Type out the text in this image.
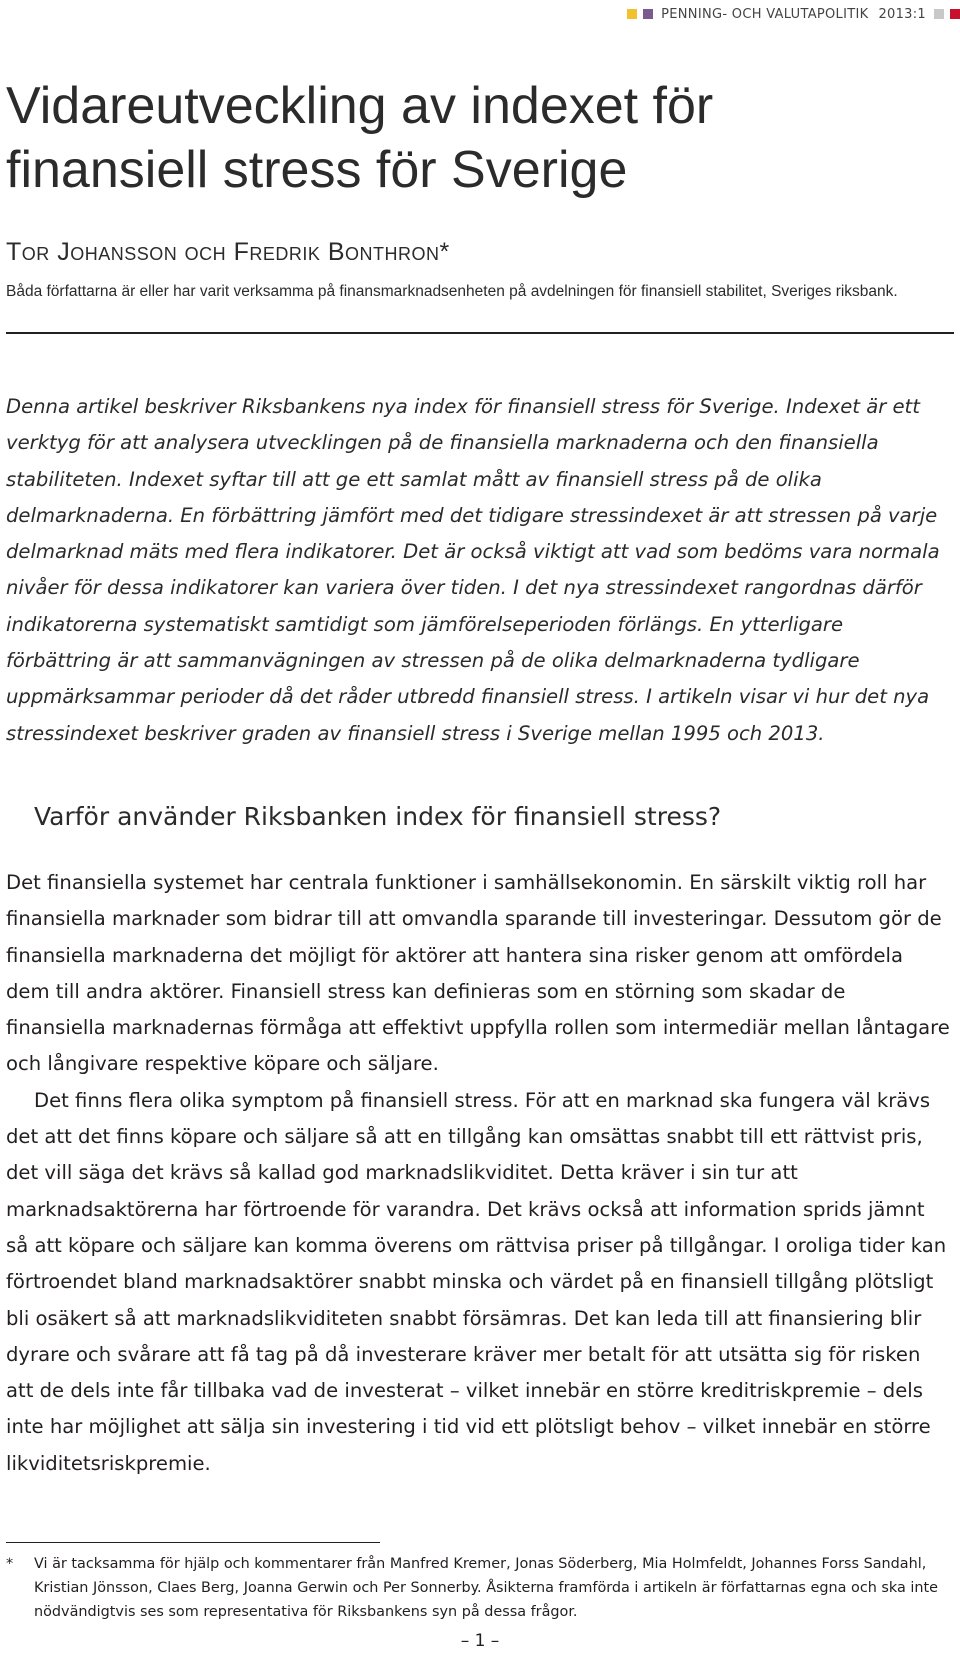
PENNING- OCH VALUTAPOLITIK 2013:1
Vidareutveckling av indexet för
finansiell stress för Sverige
Tor Johansson och Fredrik Bonthron*
Båda författarna är eller har varit verksamma på finansmarknadsenheten på avdelningen för finansiell stabilitet, Sveriges riksbank.

Denna artikel beskriver Riksbankens nya index för finansiell stress för Sverige. Indexet är ett verktyg för att analysera utvecklingen på de finansiella marknaderna och den finansiella stabiliteten. Indexet syftar till att ge ett samlat mått av finansiell stress på de olika delmarknaderna. En förbättring jämfört med det tidigare stressindexet är att stressen på varje delmarknad mäts med flera indikatorer. Det är också viktigt att vad som bedöms vara normala nivåer för dessa indikatorer kan variera över tiden. I det nya stressindexet rangordnas därför indikatorerna systematiskt samtidigt som jämförelseperioden förlängs. En ytterligare förbättring är att sammanvägningen av stressen på de olika delmarknaderna tydligare uppmärksammar perioder då det råder utbredd finansiell stress. I artikeln visar vi hur det nya stressindexet beskriver graden av finansiell stress i Sverige mellan 1995 och 2013.

Varför använder Riksbanken index för finansiell stress?

Det finansiella systemet har centrala funktioner i samhällsekonomin. En särskilt viktig roll har finansiella marknader som bidrar till att omvandla sparande till investeringar. Dessutom gör de finansiella marknaderna det möjligt för aktörer att hantera sina risker genom att omfördela dem till andra aktörer. Finansiell stress kan definieras som en störning som skadar de finansiella marknadernas förmåga att effektivt uppfylla rollen som intermediär mellan låntagare och långivare respektive köpare och säljare.

Det finns flera olika symptom på finansiell stress. För att en marknad ska fungera väl krävs det att det finns köpare och säljare så att en tillgång kan omsättas snabbt till ett rättvist pris, det vill säga det krävs så kallad god marknadslikviditet. Detta kräver i sin tur att marknadsaktörerna har förtroende för varandra. Det krävs också att information sprids jämnt så att köpare och säljare kan komma överens om rättvisa priser på tillgångar. I oroliga tider kan förtroendet bland marknadsaktörer snabbt minska och värdet på en finansiell tillgång plötsligt bli osäkert så att marknadslikviditeten snabbt försämras. Det kan leda till att finansiering blir dyrare och svårare att få tag på då investerare kräver mer betalt för att utsätta sig för risken att de dels inte får tillbaka vad de investerat – vilket innebär en större kreditriskpremie – dels inte har möjlighet att sälja sin investering i tid vid ett plötsligt behov – vilket innebär en större likviditetsriskpremie.

*	Vi är tacksamma för hjälp och kommentarer från Manfred Kremer, Jonas Söderberg, Mia Holmfeldt, Johannes Forss Sandahl, Kristian Jönsson, Claes Berg, Joanna Gerwin och Per Sonnerby. Åsikterna framförda i artikeln är författarnas egna och ska inte nödvändigtvis ses som representativa för Riksbankens syn på dessa frågor.
– 1 –
